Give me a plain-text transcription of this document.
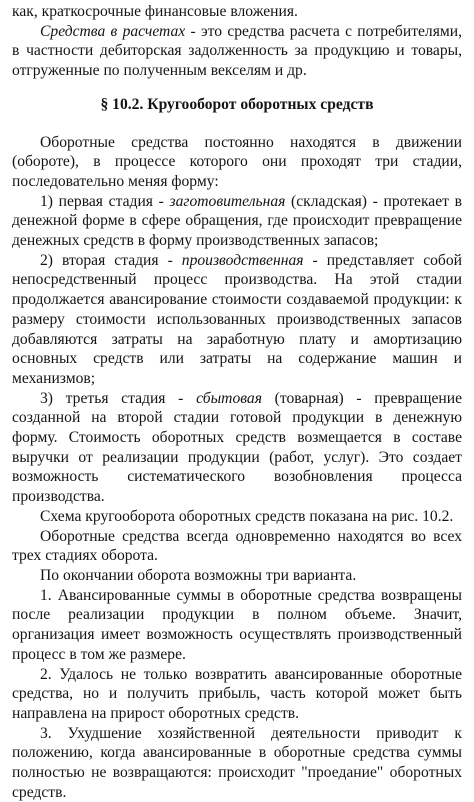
как, краткосрочные финансовые вложения.

Средства в расчетах - это средства расчета с потребителями, в частности дебиторская задолженность за продукцию и товары, отгруженные по полученным векселям и др.

§ 10.2. Кругооборот оборотных средств

Оборотные средства постоянно находятся в движении (обороте), в процессе которого они проходят три стадии, последовательно меняя форму:

1) первая стадия - заготовительная (складская) - протекает в денежной форме в сфере обращения, где происходит превращение денежных средств в форму производственных запасов;

2) вторая стадия - производственная - представляет собой непосредственный процесс производства. На этой стадии продолжается авансирование стоимости создаваемой продукции: к размеру стоимости использованных производственных запасов добавляются затраты на заработную плату и амортизацию основных средств или затраты на содержание машин и механизмов;

3) третья стадия - сбытовая (товарная) - превращение созданной на второй стадии готовой продукции в денежную форму. Стоимость оборотных средств возмещается в составе выручки от реализации продукции (работ, услуг). Это создает возможность систематического возобновления процесса производства.

Схема кругооборота оборотных средств показана на рис. 10.2.

Оборотные средства всегда одновременно находятся во всех трех стадиях оборота.

По окончании оборота возможны три варианта.

1. Авансированные суммы в оборотные средства возвращены после реализации продукции в полном объеме. Значит, организация имеет возможность осуществлять производственный процесс в том же размере.

2. Удалось не только возвратить авансированные оборотные средства, но и получить прибыль, часть которой может быть направлена на прирост оборотных средств.

3. Ухудшение хозяйственной деятельности приводит к положению, когда авансированные в оборотные средства суммы полностью не возвращаются: происходит "проедание" оборотных средств.
